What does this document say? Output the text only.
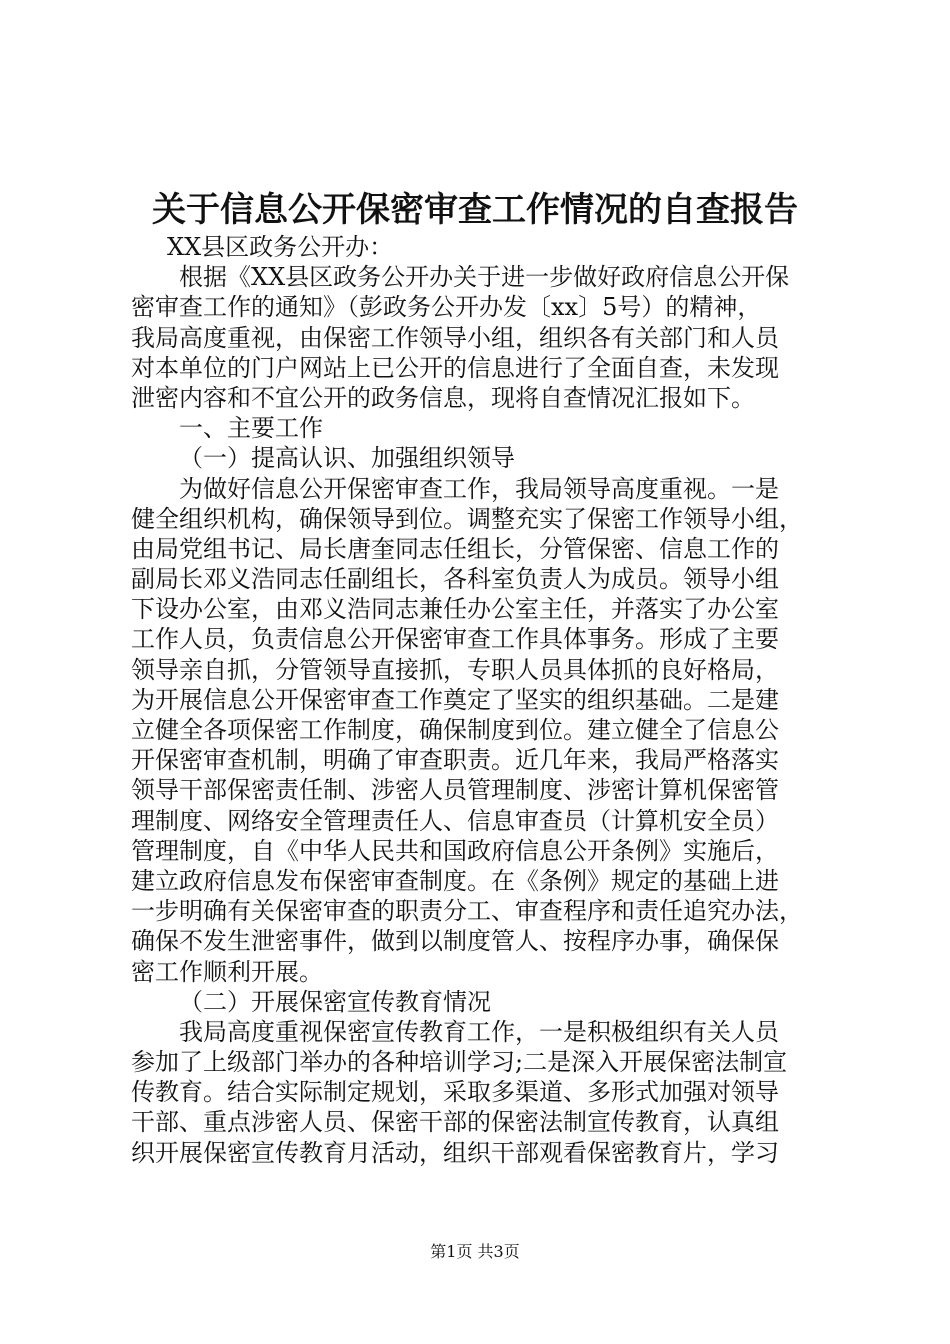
关于信息公开保密审查工作情况的自查报告
XX县区政务公开办：
根据《XX县区政务公开办关于进一步做好政府信息公开保
密审查工作的通知》（彭政务公开办发〔xx〕5号）的精神，
我局高度重视，由保密工作领导小组，组织各有关部门和人员
对本单位的门户网站上已公开的信息进行了全面自查，未发现
泄密内容和不宜公开的政务信息，现将自查情况汇报如下。
一、主要工作
（一）提高认识、加强组织领导
为做好信息公开保密审查工作，我局领导高度重视。一是
健全组织机构，确保领导到位。调整充实了保密工作领导小组，
由局党组书记、局长唐奎同志任组长，分管保密、信息工作的
副局长邓义浩同志任副组长，各科室负责人为成员。领导小组
下设办公室，由邓义浩同志兼任办公室主任，并落实了办公室
工作人员，负责信息公开保密审查工作具体事务。形成了主要
领导亲自抓，分管领导直接抓，专职人员具体抓的良好格局，
为开展信息公开保密审查工作奠定了坚实的组织基础。二是建
立健全各项保密工作制度，确保制度到位。建立健全了信息公
开保密审查机制，明确了审查职责。近几年来，我局严格落实
领导干部保密责任制、涉密人员管理制度、涉密计算机保密管
理制度、网络安全管理责任人、信息审查员（计算机安全员）
管理制度，自《中华人民共和国政府信息公开条例》实施后，
建立政府信息发布保密审查制度。在《条例》规定的基础上进
一步明确有关保密审查的职责分工、审查程序和责任追究办法，
确保不发生泄密事件，做到以制度管人、按程序办事，确保保
密工作顺利开展。
（二）开展保密宣传教育情况
我局高度重视保密宣传教育工作，一是积极组织有关人员
参加了上级部门举办的各种培训学习;二是深入开展保密法制宣
传教育。结合实际制定规划，采取多渠道、多形式加强对领导
干部、重点涉密人员、保密干部的保密法制宣传教育，认真组
织开展保密宣传教育月活动，组织干部观看保密教育片，学习
第1页 共3页
